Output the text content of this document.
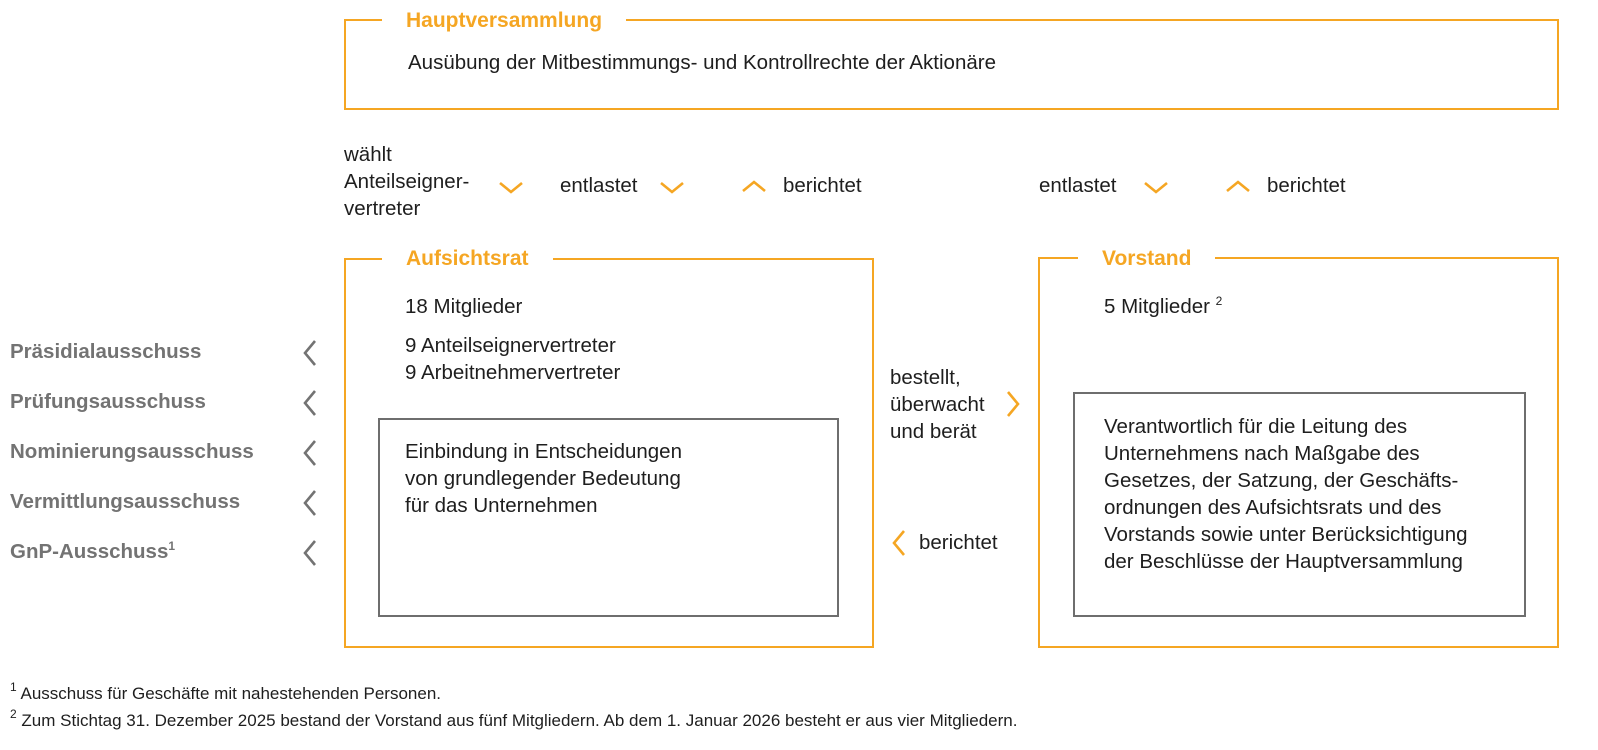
Hauptversammlung
Ausübung der Mitbestimmungs- und Kontrollrechte der Aktionäre
wählt
Anteilseigner-
vertreter
entlastet	berichtet	entlastet	berichtet
Aufsichtsrat
18 Mitglieder
9 Anteilseignervertreter
9 Arbeitnehmervertreter
Einbindung in Entscheidungen
von grundlegender Bedeutung
für das Unternehmen
bestellt,
überwacht
und berät
berichtet
Vorstand
5 Mitglieder $^2$
Verantwortlich für die Leitung des
Unternehmens nach Maßgabe des
Gesetzes, der Satzung, der Geschäfts-
ordnungen des Aufsichtsrats und des
Vorstands sowie unter Berücksichtigung
der Beschlüsse der Hauptversammlung
Präsidialausschuss
Prüfungsausschuss
Nominierungsausschuss
Vermittlungsausschuss
GnP-Ausschuss$^1$
$^1$ Ausschuss für Geschäfte mit nahestehenden Personen.
$^2$ Zum Stichtag 31. Dezember 2025 bestand der Vorstand aus fünf Mitgliedern. Ab dem 1. Januar 2026 besteht er aus vier Mitgliedern.
